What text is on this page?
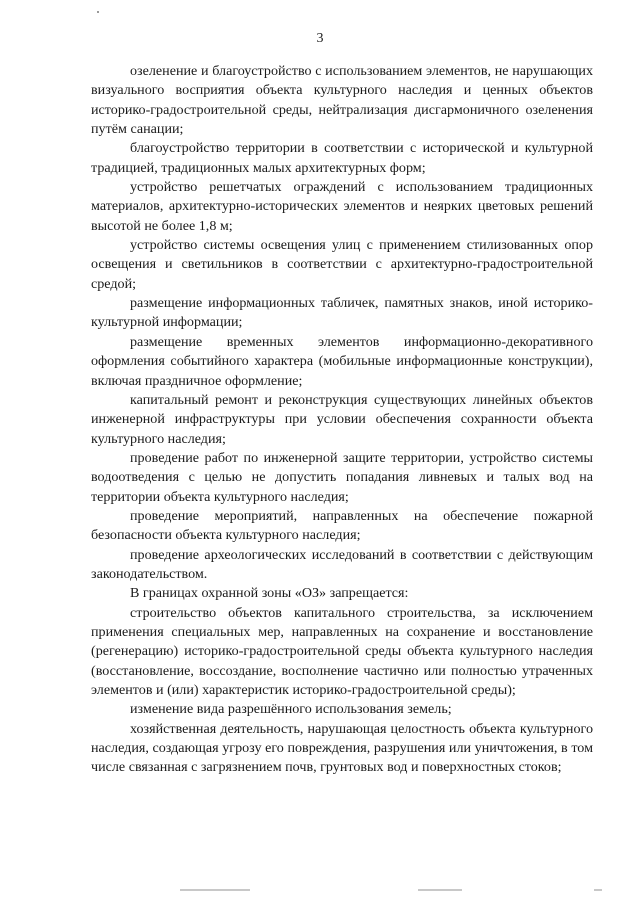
3

озеленение и благоустройство с использованием элементов, не нарушающих визуального восприятия объекта культурного наследия и ценных объектов историко-градостроительной среды, нейтрализация дисгармоничного озеленения путём санации;

благоустройство территории в соответствии с исторической и культурной традицией, традиционных малых архитектурных форм;

устройство решетчатых ограждений с использованием традиционных материалов, архитектурно-исторических элементов и неярких цветовых решений высотой не более 1,8 м;

устройство системы освещения улиц с применением стилизованных опор освещения и светильников в соответствии с архитектурно-градостроительной средой;

размещение информационных табличек, памятных знаков, иной историко-культурной информации;

размещение временных элементов информационно-декоративного оформления событийного характера (мобильные информационные конструкции), включая праздничное оформление;

капитальный ремонт и реконструкция существующих линейных объектов инженерной инфраструктуры при условии обеспечения сохранности объекта культурного наследия;

проведение работ по инженерной защите территории, устройство системы водоотведения с целью не допустить попадания ливневых и талых вод на территории объекта культурного наследия;

проведение мероприятий, направленных на обеспечение пожарной безопасности объекта культурного наследия;

проведение археологических исследований в соответствии с действующим законодательством.

В границах охранной зоны «ОЗ» запрещается:

строительство объектов капитального строительства, за исключением применения специальных мер, направленных на сохранение и восстановление (регенерацию) историко-градостроительной среды объекта культурного наследия (восстановление, воссоздание, восполнение частично или полностью утраченных элементов и (или) характеристик историко-градостроительной среды);

изменение вида разрешённого использования земель;

хозяйственная деятельность, нарушающая целостность объекта культурного наследия, создающая угрозу его повреждения, разрушения или уничтожения, в том числе связанная с загрязнением почв, грунтовых вод и поверхностных стоков;
